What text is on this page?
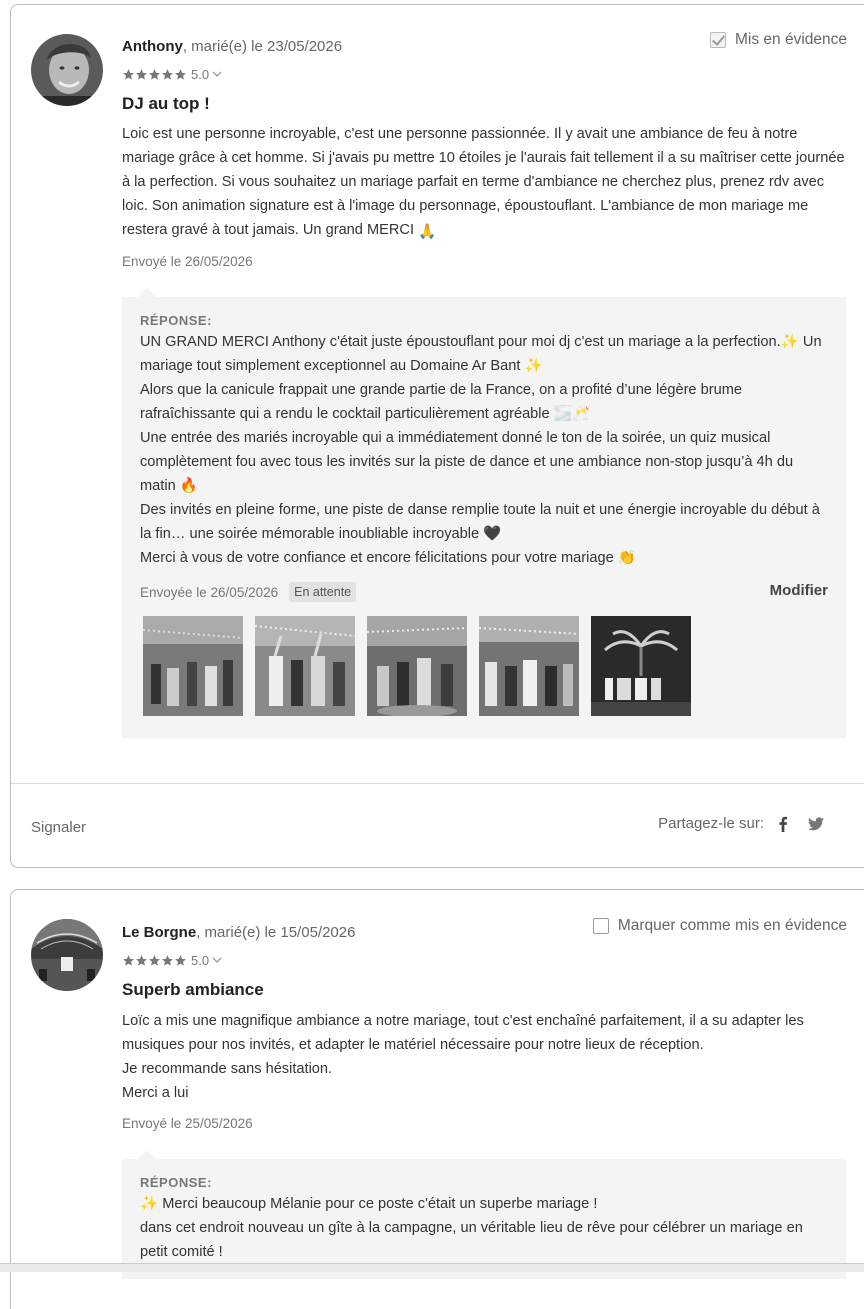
Anthony, marié(e) le 23/05/2026
5.0
DJ au top !
Loic est une personne incroyable, c'est une personne passionnée. Il y avait une ambiance de feu à notre mariage grâce à cet homme. Si j'avais pu mettre 10 étoiles je l'aurais fait tellement il a su maîtriser cette journée à la perfection. Si vous souhaitez un mariage parfait en terme d'ambiance ne cherchez plus, prenez rdv avec loic. Son animation signature est à l'image du personnage, époustouflant. L'ambiance de mon mariage me restera gravé à tout jamais. Un grand MERCI 🙏
Envoyé le 26/05/2026
Mis en évidence
RÉPONSE:
UN GRAND MERCI Anthony c'était juste époustouflant pour moi dj c'est un mariage a la perfection.✨ Un mariage tout simplement exceptionnel au Domaine Ar Bant ✨
Alors que la canicule frappait une grande partie de la France, on a profité d’une légère brume rafraîchissante qui a rendu le cocktail particulièrement agréable 🌫️🥂
Une entrée des mariés incroyable qui a immédiatement donné le ton de la soirée, un quiz musical complètement fou avec tous les invités sur la piste de dance et une ambiance non-stop jusqu’à 4h du matin 🔥
Des invités en pleine forme, une piste de danse remplie toute la nuit et une énergie incroyable du début à la fin… une soirée mémorable inoubliable incroyable 🖤
Merci à vous de votre confiance et encore félicitations pour votre mariage 👏
Envoyée le 26/05/2026	En attente	Modifier
Signaler	Partagez-le sur:
Le Borgne, marié(e) le 15/05/2026
5.0
Superb ambiance
Loïc a mis une magnifique ambiance a notre mariage, tout c'est enchaîné parfaitement, il a su adapter les musiques pour nos invités, et adapter le matériel nécessaire pour notre lieux de réception.
Je recommande sans hésitation.
Merci a lui
Envoyé le 25/05/2026
Marquer comme mis en évidence
RÉPONSE:
✨ Merci beaucoup Mélanie pour ce poste c'était un superbe mariage !
dans cet endroit nouveau un gîte à la campagne, un véritable lieu de rêve pour célébrer un mariage en petit comité !
